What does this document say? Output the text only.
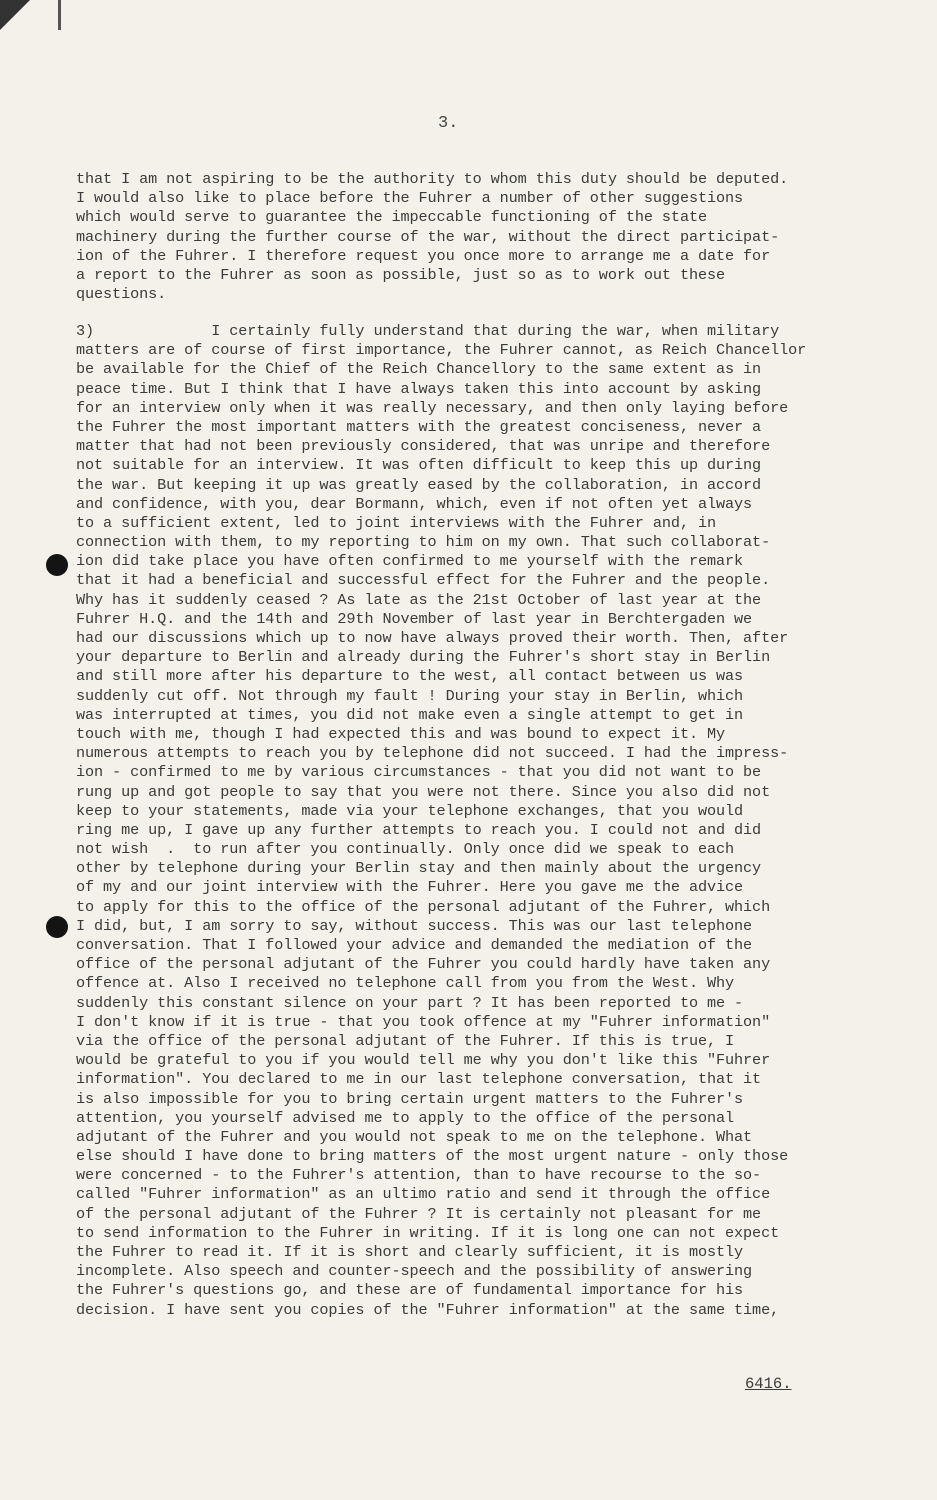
3.
that I am not aspiring to be the authority to whom this duty should be deputed.
I would also like to place before the Fuhrer a number of other suggestions
which would serve to guarantee the impeccable functioning of the state
machinery during the further course of the war, without the direct participat-
ion of the Fuhrer. I therefore request you once more to arrange me a date for
a report to the Fuhrer as soon as possible, just so as to work out these
questions.
3)             I certainly fully understand that during the war, when military
matters are of course of first importance, the Fuhrer cannot, as Reich Chancellor
be available for the Chief of the Reich Chancellory to the same extent as in
peace time. But I think that I have always taken this into account by asking
for an interview only when it was really necessary, and then only laying before
the Fuhrer the most important matters with the greatest conciseness, never a
matter that had not been previously considered, that was unripe and therefore
not suitable for an interview. It was often difficult to keep this up during
the war. But keeping it up was greatly eased by the collaboration, in accord
and confidence, with you, dear Bormann, which, even if not often yet always
to a sufficient extent, led to joint interviews with the Fuhrer and, in
connection with them, to my reporting to him on my own. That such collaborat-
ion did take place you have often confirmed to me yourself with the remark
that it had a beneficial and successful effect for the Fuhrer and the people.
Why has it suddenly ceased ? As late as the 21st October of last year at the
Fuhrer H.Q. and the 14th and 29th November of last year in Berchtergaden we
had our discussions which up to now have always proved their worth. Then, after
your departure to Berlin and already during the Fuhrer's short stay in Berlin
and still more after his departure to the west, all contact between us was
suddenly cut off. Not through my fault ! During your stay in Berlin, which
was interrupted at times, you did not make even a single attempt to get in
touch with me, though I had expected this and was bound to expect it. My
numerous attempts to reach you by telephone did not succeed. I had the impress-
ion - confirmed to me by various circumstances - that you did not want to be
rung up and got people to say that you were not there. Since you also did not
keep to your statements, made via your telephone exchanges, that you would
ring me up, I gave up any further attempts to reach you. I could not and did
not wish  .  to run after you continually. Only once did we speak to each
other by telephone during your Berlin stay and then mainly about the urgency
of my and our joint interview with the Fuhrer. Here you gave me the advice
to apply for this to the office of the personal adjutant of the Fuhrer, which
I did, but, I am sorry to say, without success. This was our last telephone
conversation. That I followed your advice and demanded the mediation of the
office of the personal adjutant of the Fuhrer you could hardly have taken any
offence at. Also I received no telephone call from you from the West. Why
suddenly this constant silence on your part ? It has been reported to me -
I don't know if it is true - that you took offence at my "Fuhrer information"
via the office of the personal adjutant of the Fuhrer. If this is true, I
would be grateful to you if you would tell me why you don't like this "Fuhrer
information". You declared to me in our last telephone conversation, that it
is also impossible for you to bring certain urgent matters to the Fuhrer's
attention, you yourself advised me to apply to the office of the personal
adjutant of the Fuhrer and you would not speak to me on the telephone. What
else should I have done to bring matters of the most urgent nature - only those
were concerned - to the Fuhrer's attention, than to have recourse to the so-
called "Fuhrer information" as an ultimo ratio and send it through the office
of the personal adjutant of the Fuhrer ? It is certainly not pleasant for me
to send information to the Fuhrer in writing. If it is long one can not expect
the Fuhrer to read it. If it is short and clearly sufficient, it is mostly
incomplete. Also speech and counter-speech and the possibility of answering
the Fuhrer's questions go, and these are of fundamental importance for his
decision. I have sent you copies of the "Fuhrer information" at the same time,
6416.
